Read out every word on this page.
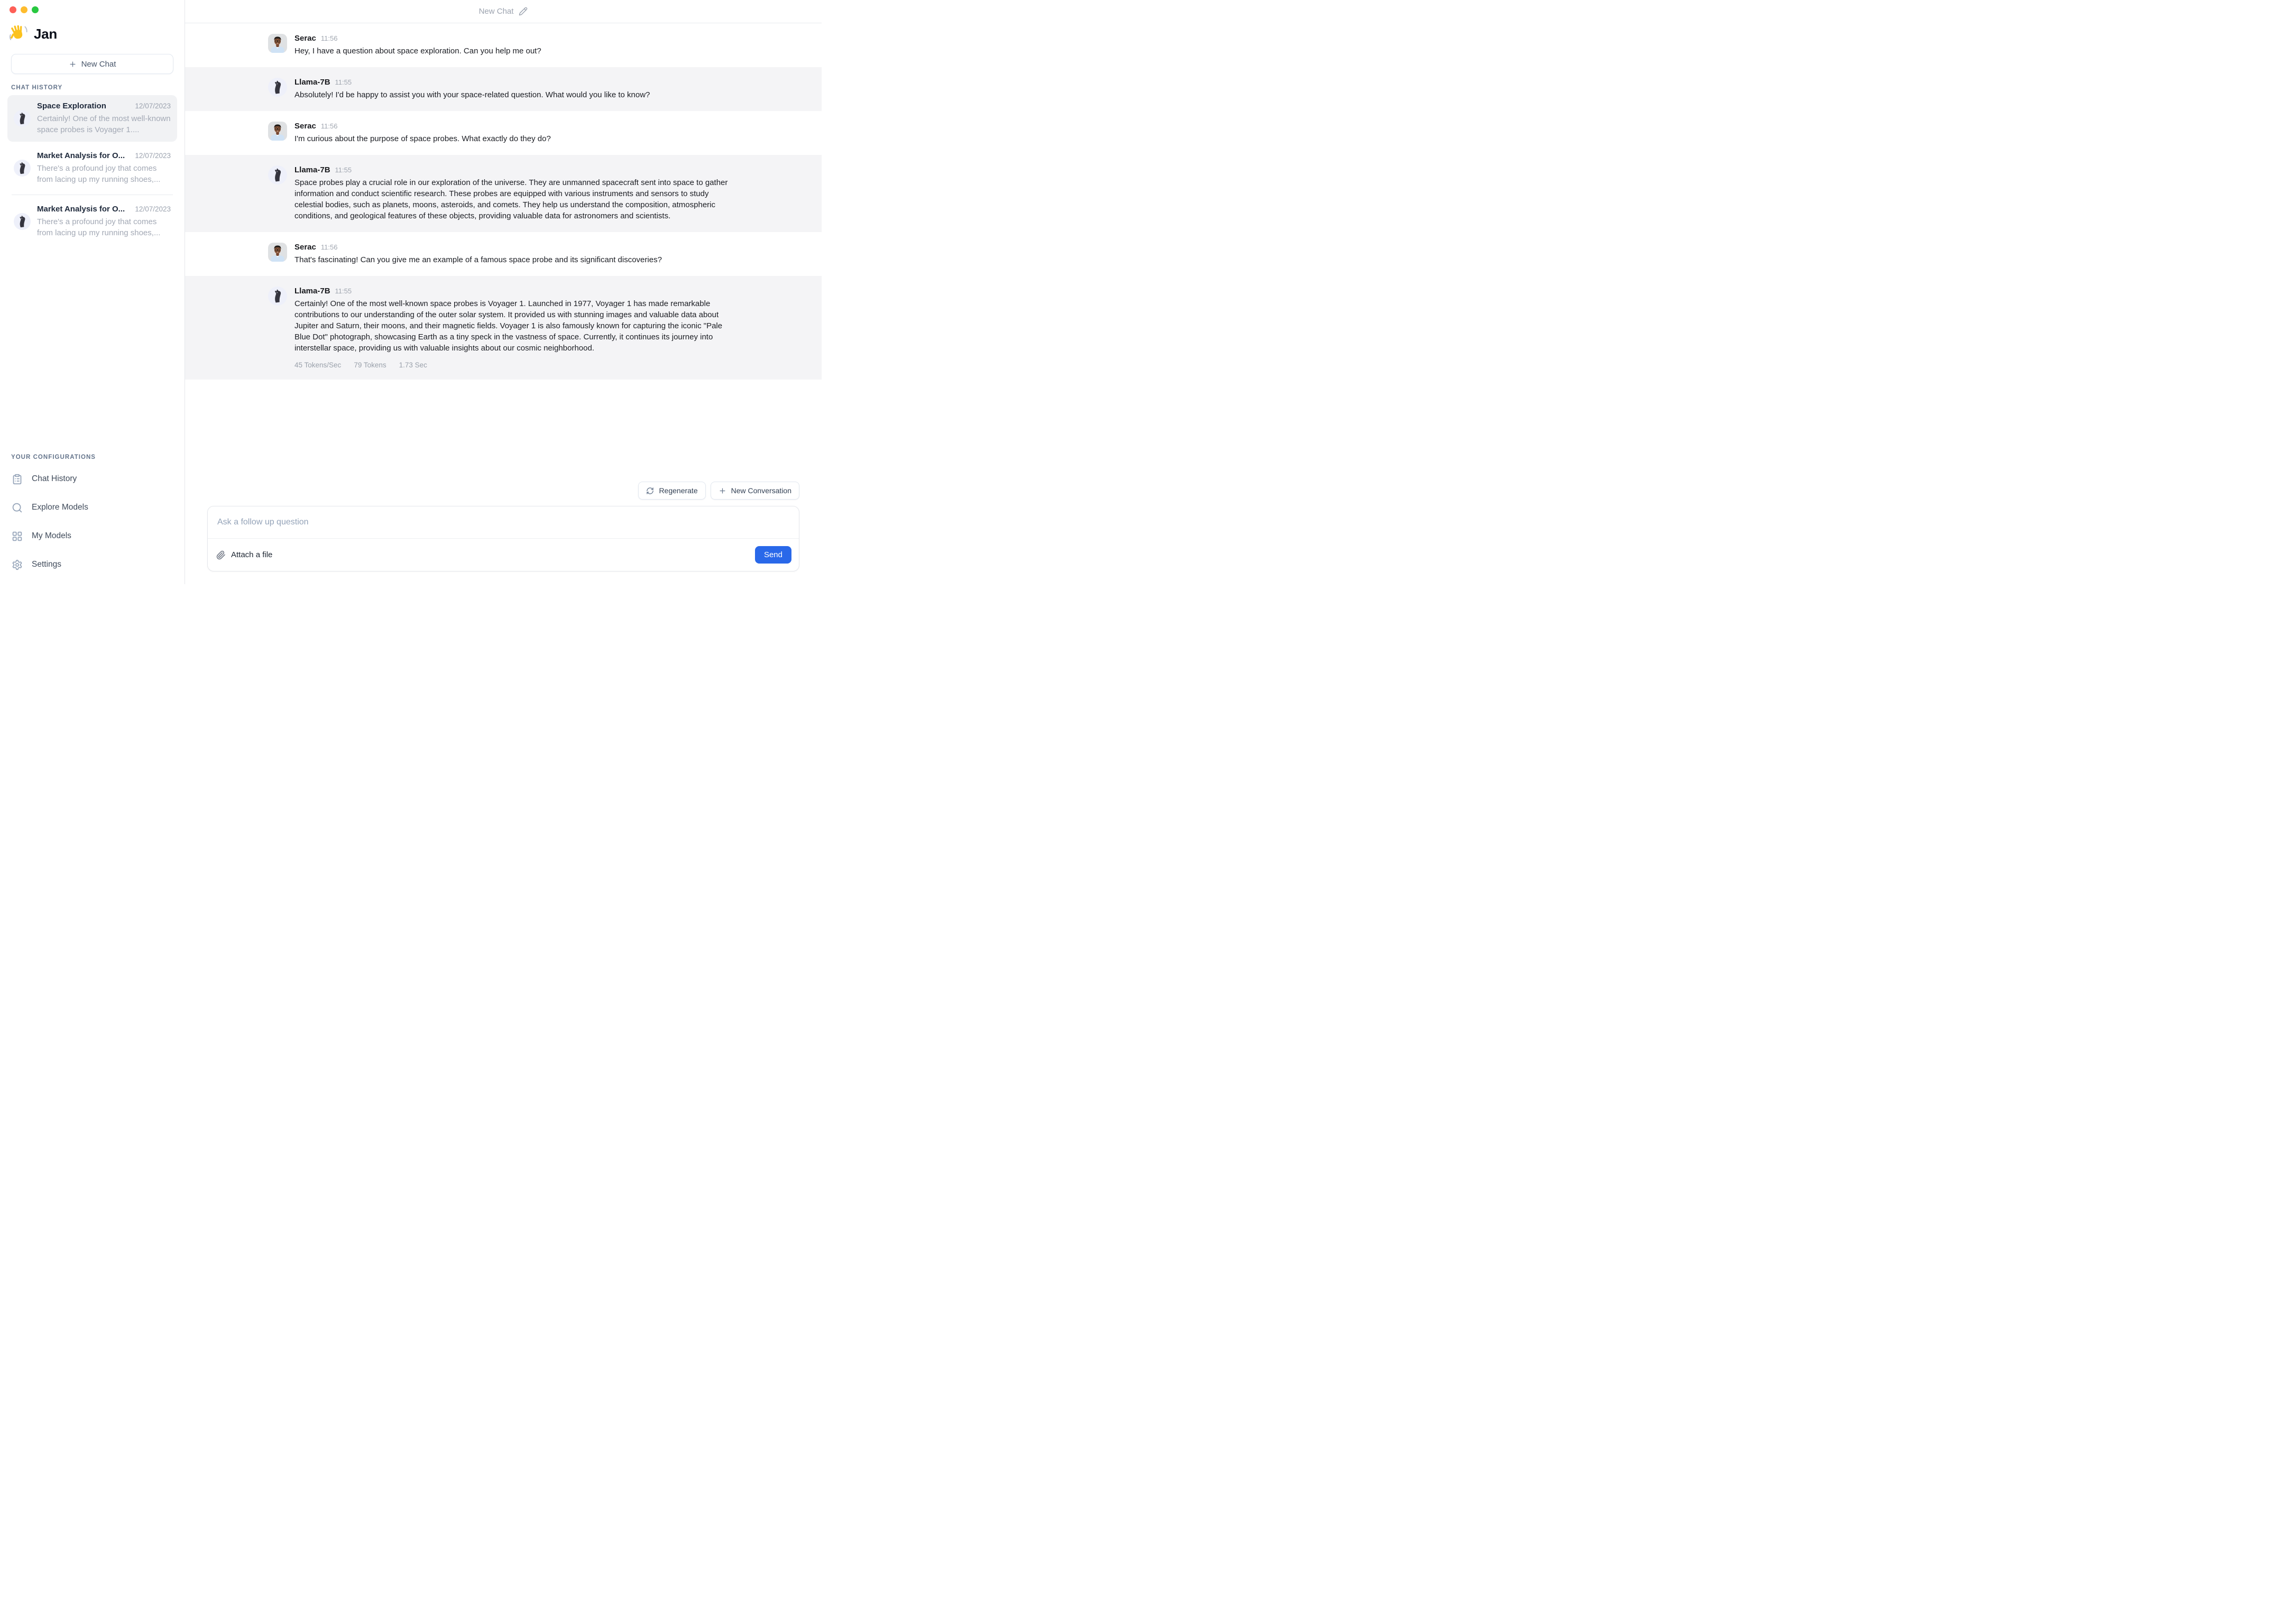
Jan
New Chat
CHAT HISTORY
Space Exploration	12/07/2023
Certainly! One of the most well-known space probes is Voyager 1....
Market Analysis for O... 12/07/2023
There's a profound joy that comes from lacing up my running shoes,...
Market Analysis for O... 12/07/2023
There's a profound joy that comes from lacing up my running shoes,...
YOUR CONFIGURATIONS
Chat History
Explore Models
My Models
Settings
New Chat
Serac 11:56
Hey, I have a question about space exploration. Can you help me out?
Llama-7B 11:55
Absolutely! I'd be happy to assist you with your space-related question. What would you like to know?
Serac 11:56
I'm curious about the purpose of space probes. What exactly do they do?
Llama-7B 11:55
Space probes play a crucial role in our exploration of the universe. They are unmanned spacecraft sent into space to gather information and conduct scientific research. These probes are equipped with various instruments and sensors to study celestial bodies, such as planets, moons, asteroids, and comets. They help us understand the composition, atmospheric conditions, and geological features of these objects, providing valuable data for astronomers and scientists.
Serac 11:56
That's fascinating! Can you give me an example of a famous space probe and its significant discoveries?
Llama-7B 11:55
Certainly! One of the most well-known space probes is Voyager 1. Launched in 1977, Voyager 1 has made remarkable contributions to our understanding of the outer solar system. It provided us with stunning images and valuable data about Jupiter and Saturn, their moons, and their magnetic fields. Voyager 1 is also famously known for capturing the iconic "Pale Blue Dot" photograph, showcasing Earth as a tiny speck in the vastness of space. Currently, it continues its journey into interstellar space, providing us with valuable insights about our cosmic neighborhood.
45 Tokens/Sec 79 Tokens 1.73 Sec
Regenerate	New Conversation
Ask a follow up question
Attach a file	Send
